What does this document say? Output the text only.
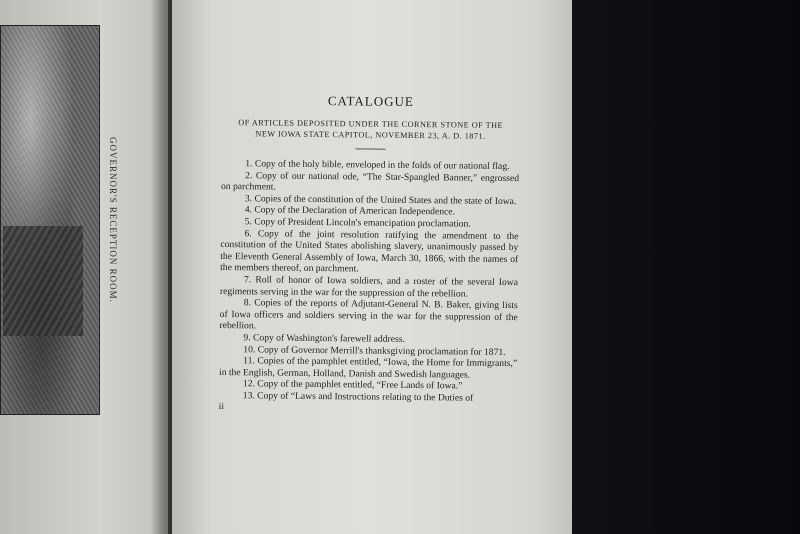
GOVERNOR'S RECEPTION ROOM.
CATALOGUE
OF ARTICLES DEPOSITED UNDER THE CORNER STONE OF THE NEW IOWA STATE CAPITOL, NOVEMBER 23, A. D. 1871.

1. Copy of the holy bible, enveloped in the folds of our national flag.

2. Copy of our national ode, “The Star-Spangled Banner,” engrossed on parchment.

3. Copies of the constitution of the United States and the state of Iowa.

4. Copy of the Declaration of American Independence.

5. Copy of President Lincoln's emancipation proclamation.

6. Copy of the joint resolution ratifying the amendment to the constitution of the United States abolishing slavery, unanimously passed by the Eleventh General Assembly of Iowa, March 30, 1866, with the names of the members thereof, on parchment.

7. Roll of honor of Iowa soldiers, and a roster of the several Iowa regiments serving in the war for the suppression of the rebellion.

8. Copies of the reports of Adjutant-General N. B. Baker, giving lists of Iowa officers and soldiers serving in the war for the suppression of the rebellion.

9. Copy of Washington's farewell address.

10. Copy of Governor Merrill's thanksgiving proclamation for 1871.

11. Copies of the pamphlet entitled, “Iowa, the Home for Immigrants,” in the English, German, Holland, Danish and Swedish languages.

12. Copy of the pamphlet entitled, “Free Lands of Iowa.”

13. Copy of “Laws and Instructions relating to the Duties of

ii
